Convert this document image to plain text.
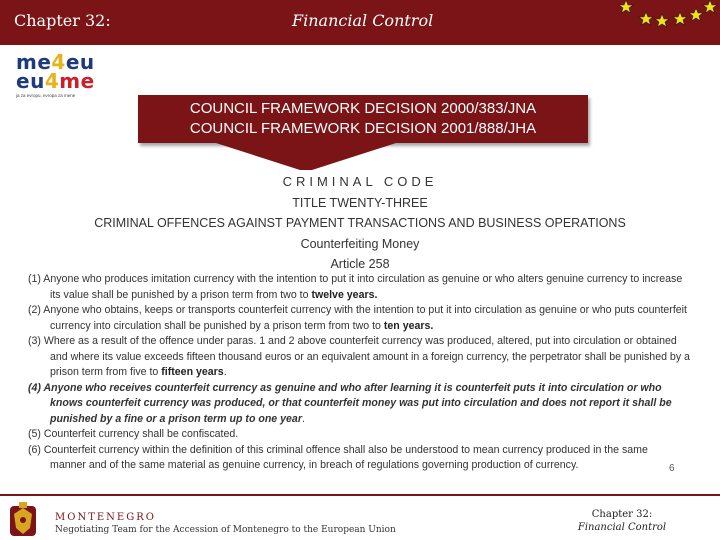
Chapter 32:	Financial Control
me4eu
eu4me
ja za evropu, evropa za mene
COUNCIL FRAMEWORK DECISION 2000/383/JNA
COUNCIL FRAMEWORK DECISION 2001/888/JHA
CRIMINAL CODE
TITLE TWENTY-THREE
CRIMINAL OFFENCES AGAINST PAYMENT TRANSACTIONS AND BUSINESS OPERATIONS
Counterfeiting Money
Article 258

(1) Anyone who produces imitation currency with the intention to put it into circulation as genuine or who alters genuine currency to increase its value shall be punished by a prison term from two to twelve years.

(2) Anyone who obtains, keeps or transports counterfeit currency with the intention to put it into circulation as genuine or who puts counterfeit currency into circulation shall be punished by a prison term from two to ten years.

(3) Where as a result of the offence under paras. 1 and 2 above counterfeit currency was produced, altered, put into circulation or obtained and where its value exceeds fifteen thousand euros or an equivalent amount in a foreign currency, the perpetrator shall be punished by a prison term from five to fifteen years.

(4) Anyone who receives counterfeit currency as genuine and who after learning it is counterfeit puts it into circulation or who knows counterfeit currency was produced, or that counterfeit money was put into circulation and does not report it shall be punished by a fine or a prison term up to one year.

(5) Counterfeit currency shall be confiscated.

(6) Counterfeit currency within the definition of this criminal offence shall also be understood to mean currency produced in the same manner and of the same material as genuine currency, in breach of regulations governing production of currency.	6
MONTENEGRO
Negotiating Team for the Accession of Montenegro to the European Union
Chapter 32:
Financial Control
